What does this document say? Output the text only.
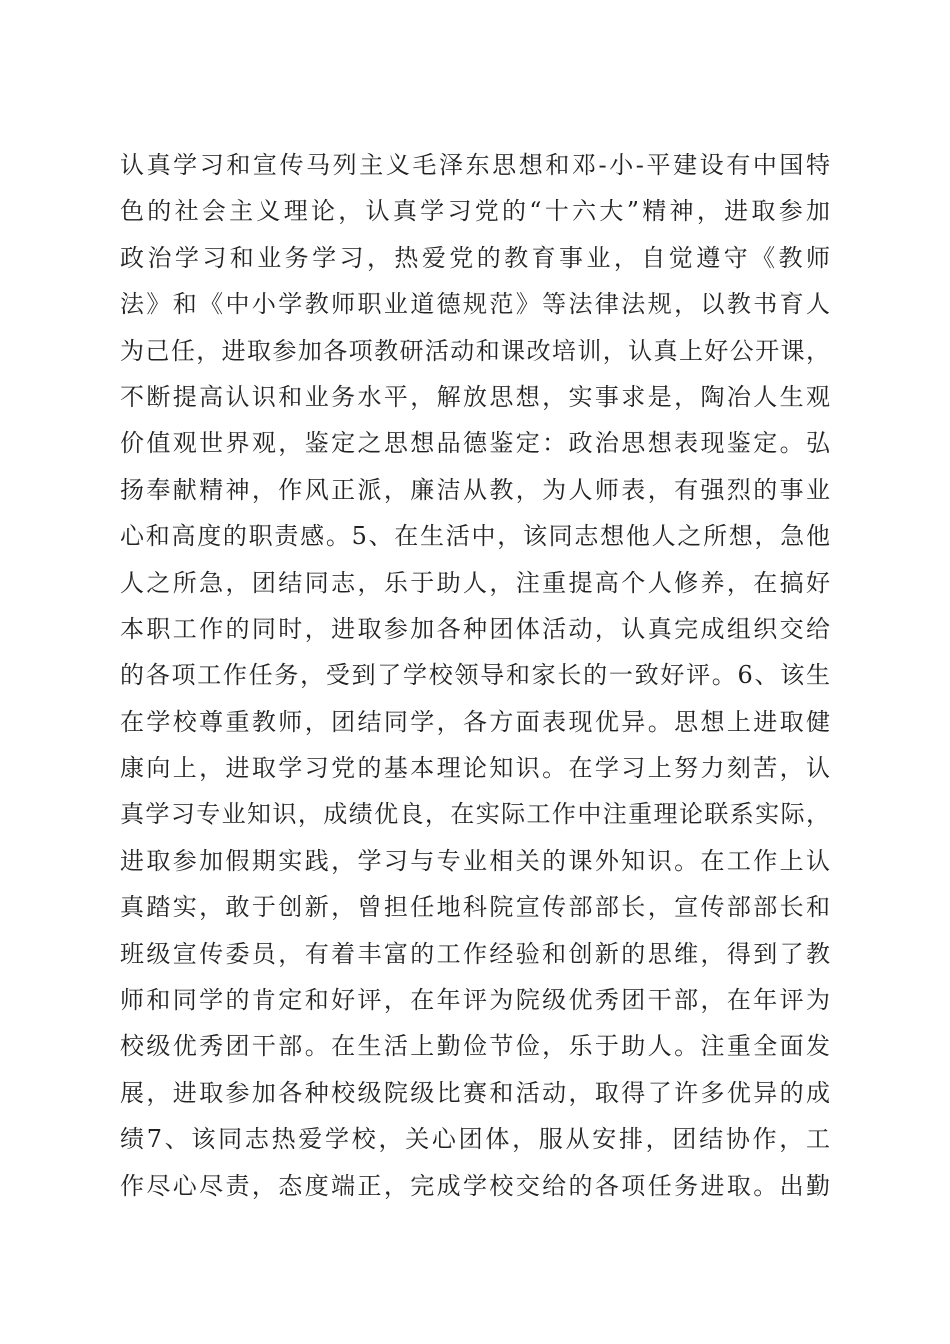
认真学习和宣传马列主义毛泽东思想和邓-小-平建设有中国特
色的社会主义理论，认真学习党的“十六大”精神，进取参加
政治学习和业务学习，热爱党的教育事业，自觉遵守《教师
法》和《中小学教师职业道德规范》等法律法规，以教书育人
为己任，进取参加各项教研活动和课改培训，认真上好公开课，
不断提高认识和业务水平，解放思想，实事求是，陶冶人生观
价值观世界观，鉴定之思想品德鉴定：政治思想表现鉴定。弘
扬奉献精神，作风正派，廉洁从教，为人师表，有强烈的事业
心和高度的职责感。5、在生活中，该同志想他人之所想，急他
人之所急，团结同志，乐于助人，注重提高个人修养，在搞好
本职工作的同时，进取参加各种团体活动，认真完成组织交给
的各项工作任务，受到了学校领导和家长的一致好评。6、该生
在学校尊重教师，团结同学，各方面表现优异。思想上进取健
康向上，进取学习党的基本理论知识。在学习上努力刻苦，认
真学习专业知识，成绩优良，在实际工作中注重理论联系实际，
进取参加假期实践，学习与专业相关的课外知识。在工作上认
真踏实，敢于创新，曾担任地科院宣传部部长，宣传部部长和
班级宣传委员，有着丰富的工作经验和创新的思维，得到了教
师和同学的肯定和好评，在年评为院级优秀团干部，在年评为
校级优秀团干部。在生活上勤俭节俭，乐于助人。注重全面发
展，进取参加各种校级院级比赛和活动，取得了许多优异的成
绩7、该同志热爱学校，关心团体，服从安排，团结协作，工
作尽心尽责，态度端正，完成学校交给的各项任务进取。出勤
